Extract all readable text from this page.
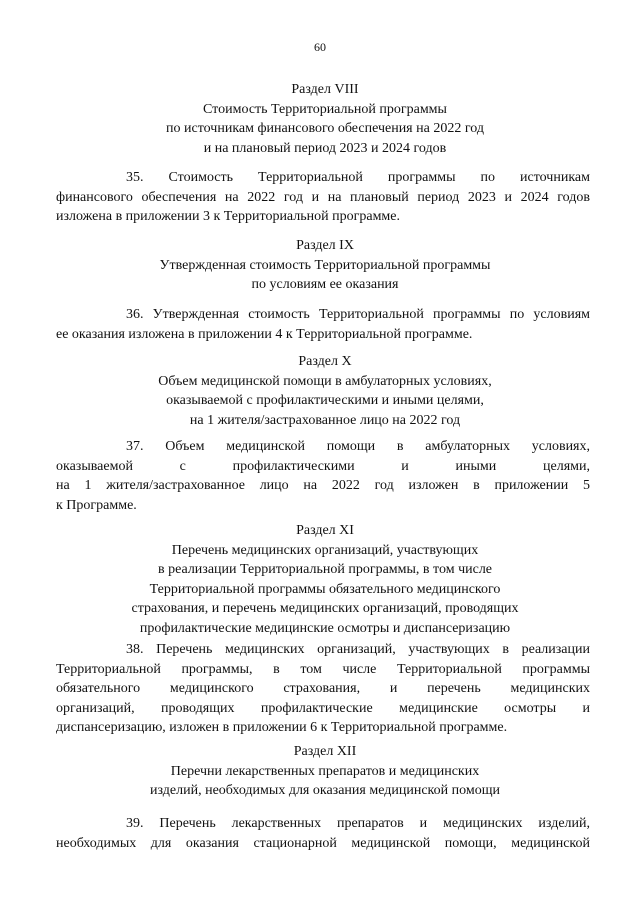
60
Раздел VIII
Стоимость Территориальной программы
по источникам финансового обеспечения на 2022 год
и на плановый период 2023 и 2024 годов
35. Стоимость Территориальной программы по источникам
финансового обеспечения на 2022 год и на плановый период 2023 и 2024 годов
изложена в приложении 3 к Территориальной программе.
Раздел IX
Утвержденная стоимость Территориальной программы
по условиям ее оказания
36. Утвержденная стоимость Территориальной программы по условиям
ее оказания изложена в приложении 4 к Территориальной программе.
Раздел X
Объем медицинской помощи в амбулаторных условиях,
оказываемой с профилактическими и иными целями,
на 1 жителя/застрахованное лицо на 2022 год
37. Объем медицинской помощи в амбулаторных условиях,
оказываемой с профилактическими и иными целями,
на 1 жителя/застрахованное лицо на 2022 год изложен в приложении 5
к Программе.
Раздел XI
Перечень медицинских организаций, участвующих
в реализации Территориальной программы, в том числе
Территориальной программы обязательного медицинского
страхования, и перечень медицинских организаций, проводящих
профилактические медицинские осмотры и диспансеризацию
38. Перечень медицинских организаций, участвующих в реализации
Территориальной программы, в том числе Территориальной программы
обязательного медицинского страхования, и перечень медицинских
организаций, проводящих профилактические медицинские осмотры и
диспансеризацию, изложен в приложении 6 к Территориальной программе.
Раздел XII
Перечни лекарственных препаратов и медицинских
изделий, необходимых для оказания медицинской помощи
39. Перечень лекарственных препаратов и медицинских изделий,
необходимых для оказания стационарной медицинской помощи, медицинской
